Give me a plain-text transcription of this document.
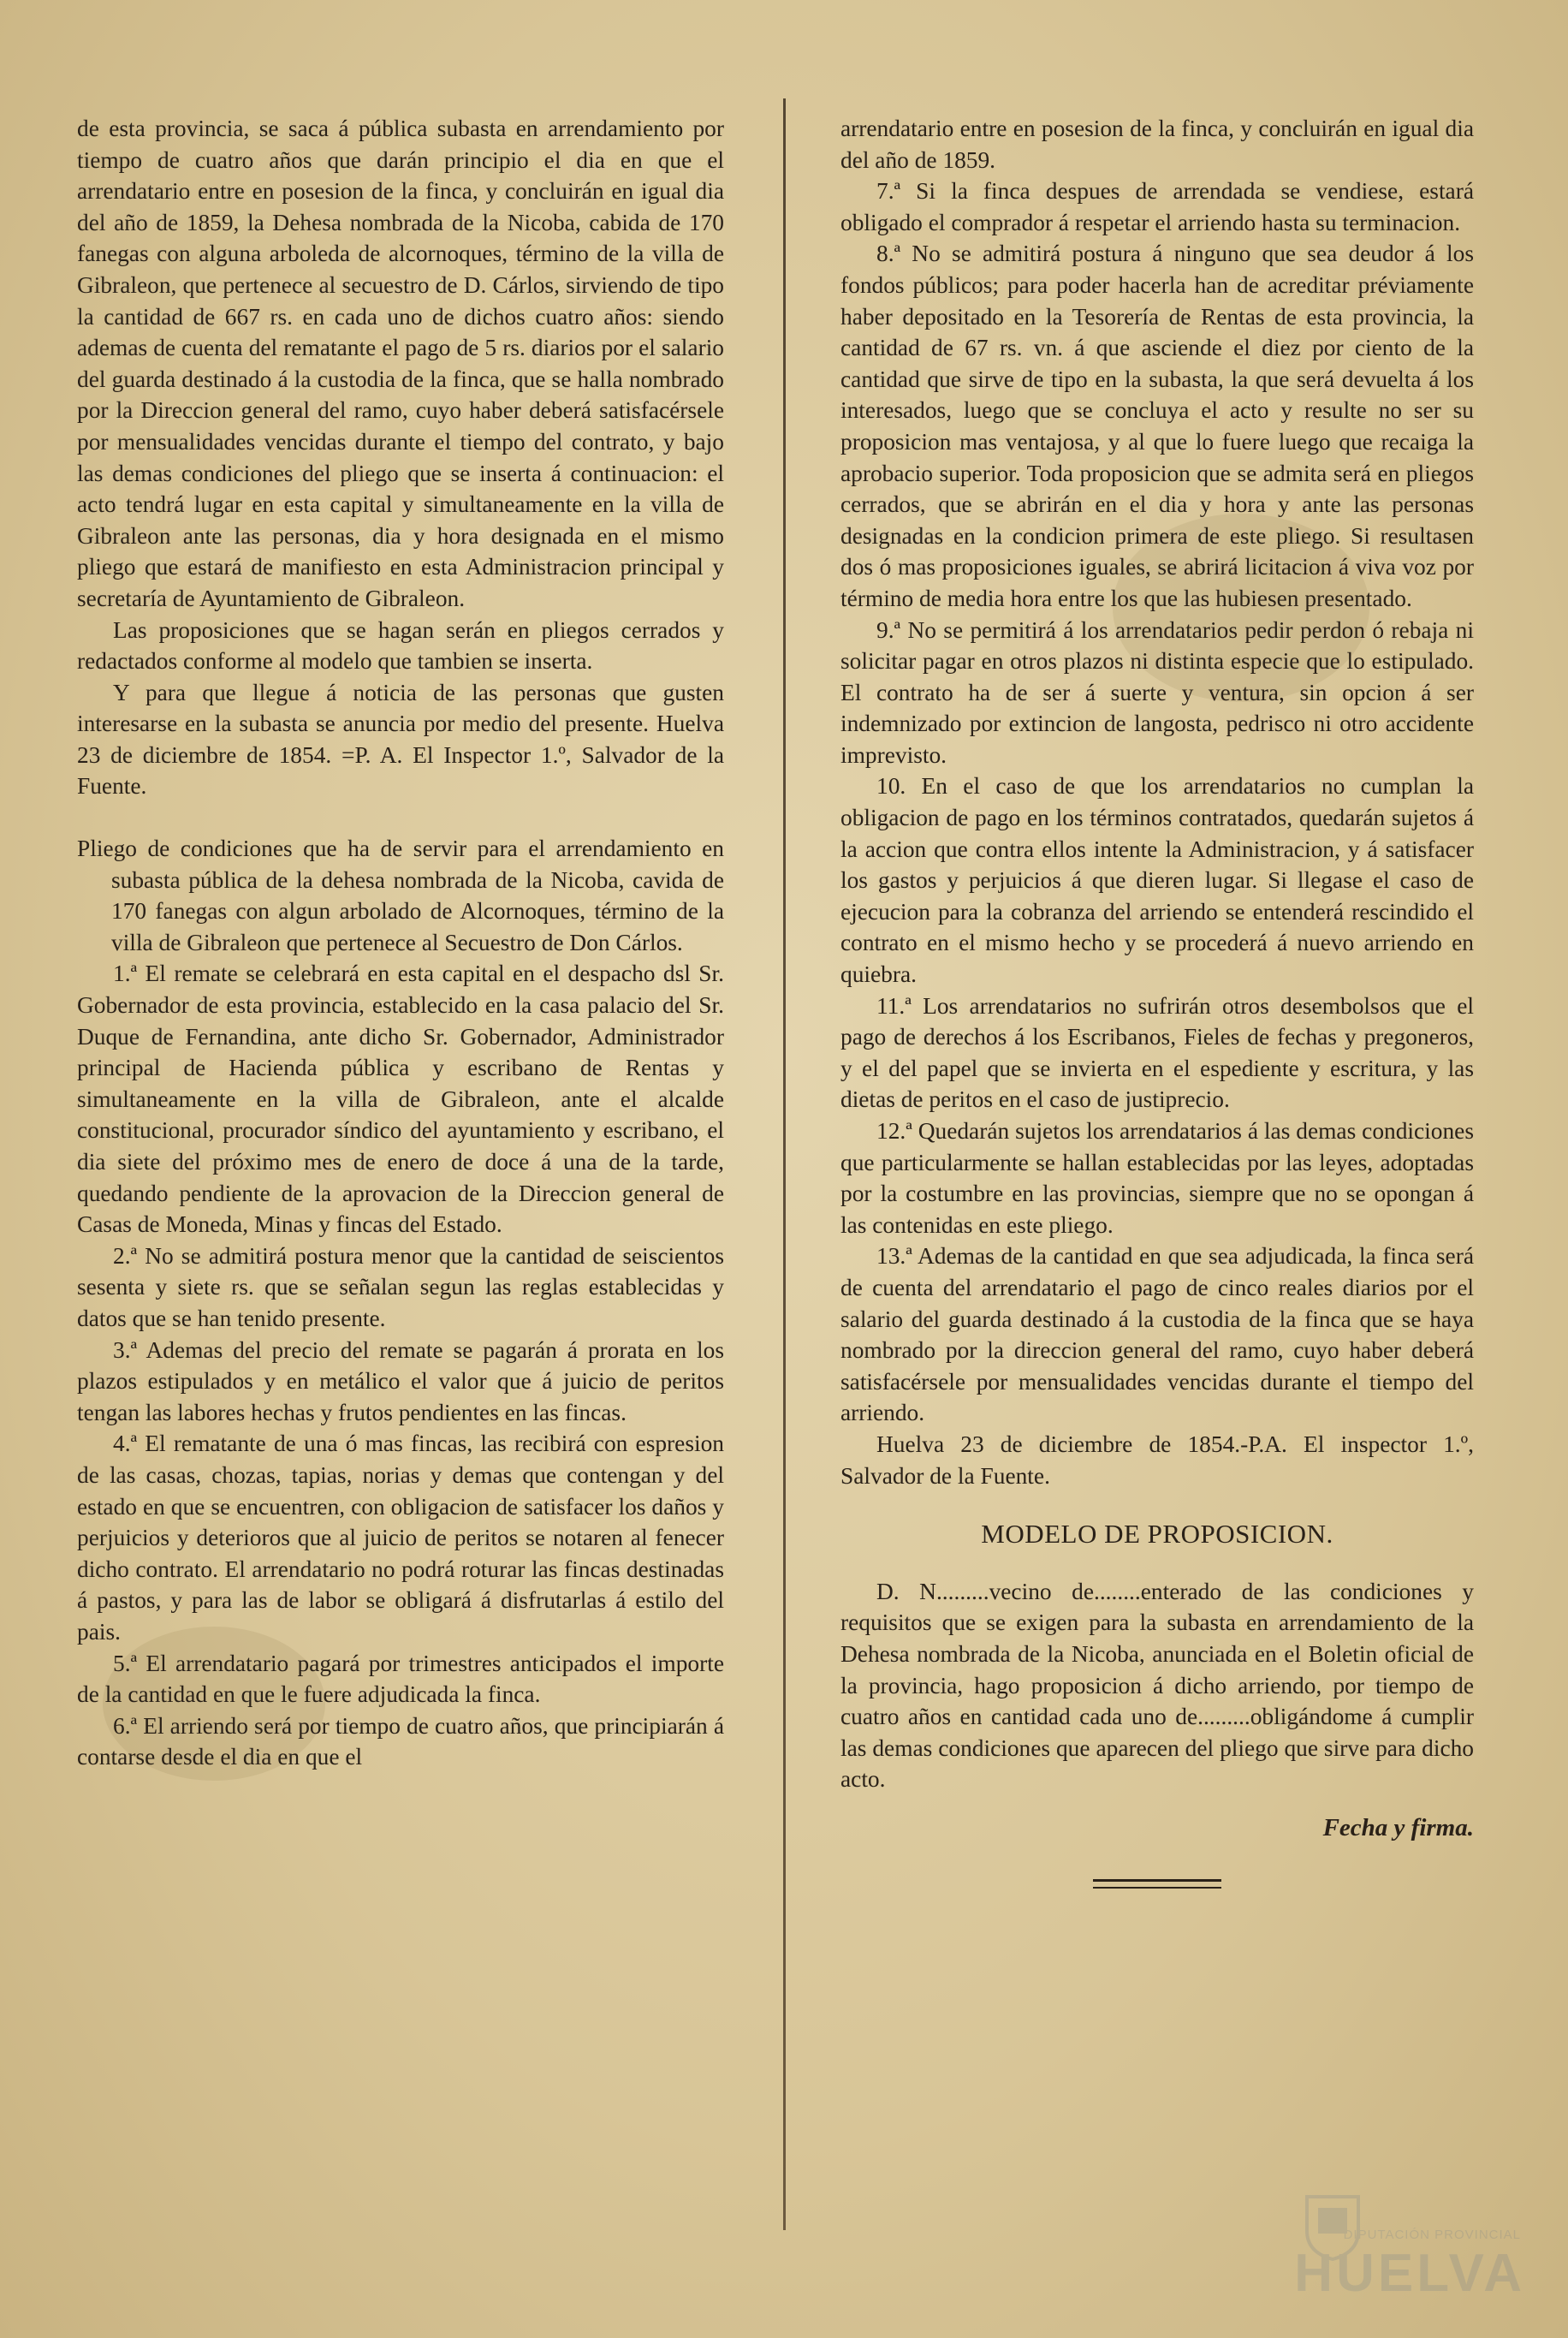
de esta provincia, se saca á pública subasta en arrendamiento por tiempo de cuatro años que darán principio el dia en que el arrendatario entre en posesion de la finca, y concluirán en igual dia del año de 1859, la Dehesa nombrada de la Nicoba, cabida de 170 fanegas con alguna arboleda de alcornoques, término de la villa de Gibraleon, que pertenece al secuestro de D. Cárlos, sirviendo de tipo la cantidad de 667 rs. en cada uno de dichos cuatro años: siendo ademas de cuenta del rematante el pago de 5 rs. diarios por el salario del guarda destinado á la custodia de la finca, que se halla nombrado por la Direccion general del ramo, cuyo haber deberá satisfacérsele por mensualidades vencidas durante el tiempo del contrato, y bajo las demas condiciones del pliego que se inserta á continuacion: el acto tendrá lugar en esta capital y simultaneamente en la villa de Gibraleon ante las personas, dia y hora designada en el mismo pliego que estará de manifiesto en esta Administracion principal y secretaría de Ayuntamiento de Gibraleon.

Las proposiciones que se hagan serán en pliegos cerrados y redactados conforme al modelo que tambien se inserta.

Y para que llegue á noticia de las personas que gusten interesarse en la subasta se anuncia por medio del presente. Huelva 23 de diciembre de 1854. =P. A. El Inspector 1.º, Salvador de la Fuente.

Pliego de condiciones que ha de servir para el arrendamiento en subasta pública de la dehesa nombrada de la Nicoba, cavida de 170 fanegas con algun arbolado de Alcornoques, término de la villa de Gibraleon que pertenece al Secuestro de Don Cárlos.

1.ª El remate se celebrará en esta capital en el despacho dsl Sr. Gobernador de esta provincia, establecido en la casa palacio del Sr. Duque de Fernandina, ante dicho Sr. Gobernador, Administrador principal de Hacienda pública y escribano de Rentas y simultaneamente en la villa de Gibraleon, ante el alcalde constitucional, procurador síndico del ayuntamiento y escribano, el dia siete del próximo mes de enero de doce á una de la tarde, quedando pendiente de la aprovacion de la Direccion general de Casas de Moneda, Minas y fincas del Estado.

2.ª No se admitirá postura menor que la cantidad de seiscientos sesenta y siete rs. que se señalan segun las reglas establecidas y datos que se han tenido presente.

3.ª Ademas del precio del remate se pagarán á prorata en los plazos estipulados y en metálico el valor que á juicio de peritos tengan las labores hechas y frutos pendientes en las fincas.

4.ª El rematante de una ó mas fincas, las recibirá con espresion de las casas, chozas, tapias, norias y demas que contengan y del estado en que se encuentren, con obligacion de satisfacer los daños y perjuicios y deterioros que al juicio de peritos se notaren al fenecer dicho contrato. El arrendatario no podrá roturar las fincas destinadas á pastos, y para las de labor se obligará á disfrutarlas á estilo del pais.

5.ª El arrendatario pagará por trimestres anticipados el importe de la cantidad en que le fuere adjudicada la finca.

6.ª El arriendo será por tiempo de cuatro años, que principiarán á contarse desde el dia en que el

arrendatario entre en posesion de la finca, y concluirán en igual dia del año de 1859.

7.ª Si la finca despues de arrendada se vendiese, estará obligado el comprador á respetar el arriendo hasta su terminacion.

8.ª No se admitirá postura á ninguno que sea deudor á los fondos públicos; para poder hacerla han de acreditar préviamente haber depositado en la Tesorería de Rentas de esta provincia, la cantidad de 67 rs. vn. á que asciende el diez por ciento de la cantidad que sirve de tipo en la subasta, la que será devuelta á los interesados, luego que se concluya el acto y resulte no ser su proposicion mas ventajosa, y al que lo fuere luego que recaiga la aprobacio superior. Toda proposicion que se admita será en pliegos cerrados, que se abrirán en el dia y hora y ante las personas designadas en la condicion primera de este pliego. Si resultasen dos ó mas proposiciones iguales, se abrirá licitacion á viva voz por término de media hora entre los que las hubiesen presentado.

9.ª No se permitirá á los arrendatarios pedir perdon ó rebaja ni solicitar pagar en otros plazos ni distinta especie que lo estipulado. El contrato ha de ser á suerte y ventura, sin opcion á ser indemnizado por extincion de langosta, pedrisco ni otro accidente imprevisto.

10. En el caso de que los arrendatarios no cumplan la obligacion de pago en los términos contratados, quedarán sujetos á la accion que contra ellos intente la Administracion, y á satisfacer los gastos y perjuicios á que dieren lugar. Si llegase el caso de ejecucion para la cobranza del arriendo se entenderá rescindido el contrato en el mismo hecho y se procederá á nuevo arriendo en quiebra.

11.ª Los arrendatarios no sufrirán otros desembolsos que el pago de derechos á los Escribanos, Fieles de fechas y pregoneros, y el del papel que se invierta en el espediente y escritura, y las dietas de peritos en el caso de justiprecio.

12.ª Quedarán sujetos los arrendatarios á las demas condiciones que particularmente se hallan establecidas por las leyes, adoptadas por la costumbre en las provincias, siempre que no se opongan á las contenidas en este pliego.

13.ª Ademas de la cantidad en que sea adjudicada, la finca será de cuenta del arrendatario el pago de cinco reales diarios por el salario del guarda destinado á la custodia de la finca que se haya nombrado por la direccion general del ramo, cuyo haber deberá satisfacérsele por mensualidades vencidas durante el tiempo del arriendo.

Huelva 23 de diciembre de 1854.-P.A. El inspector 1.º, Salvador de la Fuente.

MODELO DE PROPOSICION.

D. N.........vecino de........enterado de las condiciones y requisitos que se exigen para la subasta en arrendamiento de la Dehesa nombrada de la Nicoba, anunciada en el Boletin oficial de la provincia, hago proposicion á dicho arriendo, por tiempo de cuatro años en cantidad cada uno de.........obligándome á cumplir las demas condiciones que aparecen del pliego que sirve para dicho acto.

Fecha y firma.
DIPUTACIÓN PROVINCIAL
HUELVA
